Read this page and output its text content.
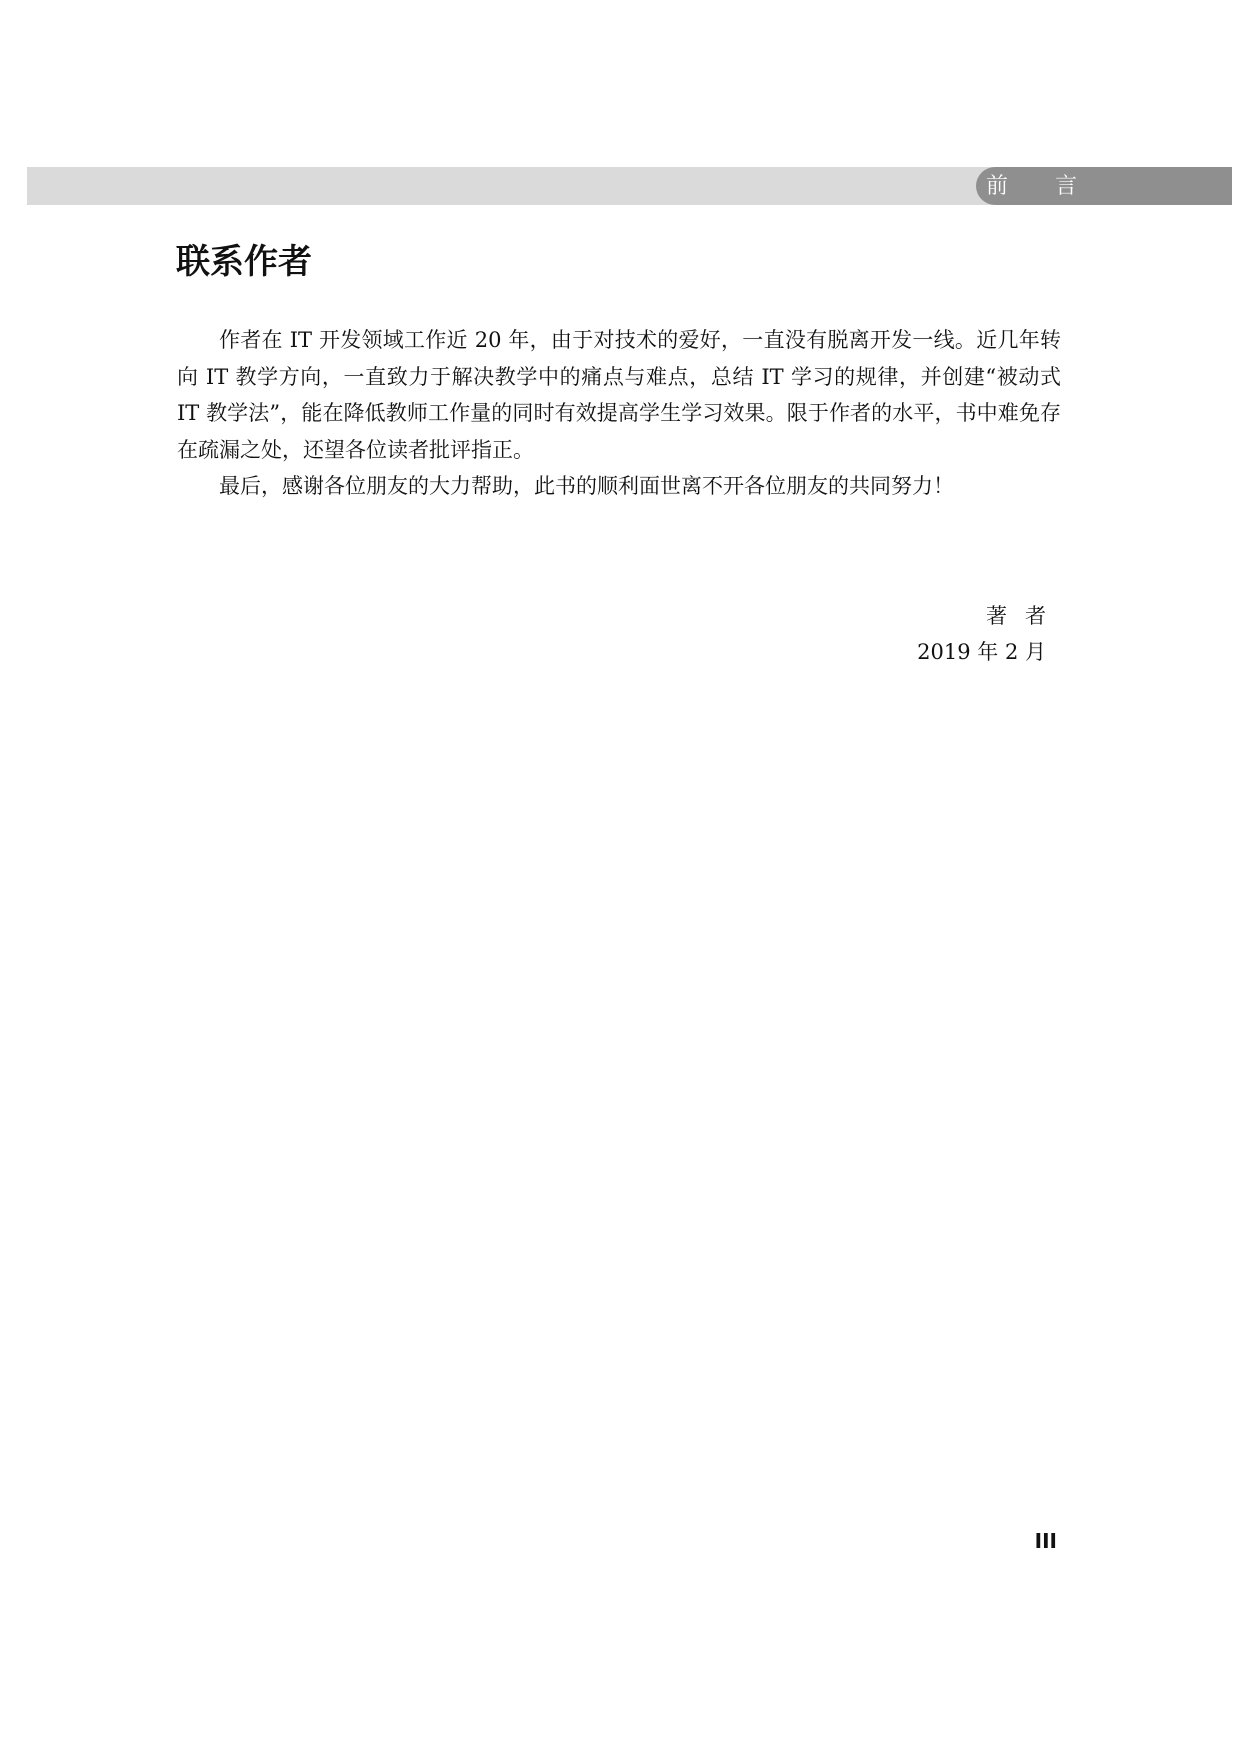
前 言
联系作者

作者在 IT 开发领域工作近 20 年，由于对技术的爱好，一直没有脱离开发一线。近几年转向 IT 教学方向，一直致力于解决教学中的痛点与难点，总结 IT 学习的规律，并创建“被动式 IT 教学法”，能在降低教师工作量的同时有效提高学生学习效果。限于作者的水平，书中难免存在疏漏之处，还望各位读者批评指正。

最后，感谢各位朋友的大力帮助，此书的顺利面世离不开各位朋友的共同努力！

著者
2019 年 2 月
III
